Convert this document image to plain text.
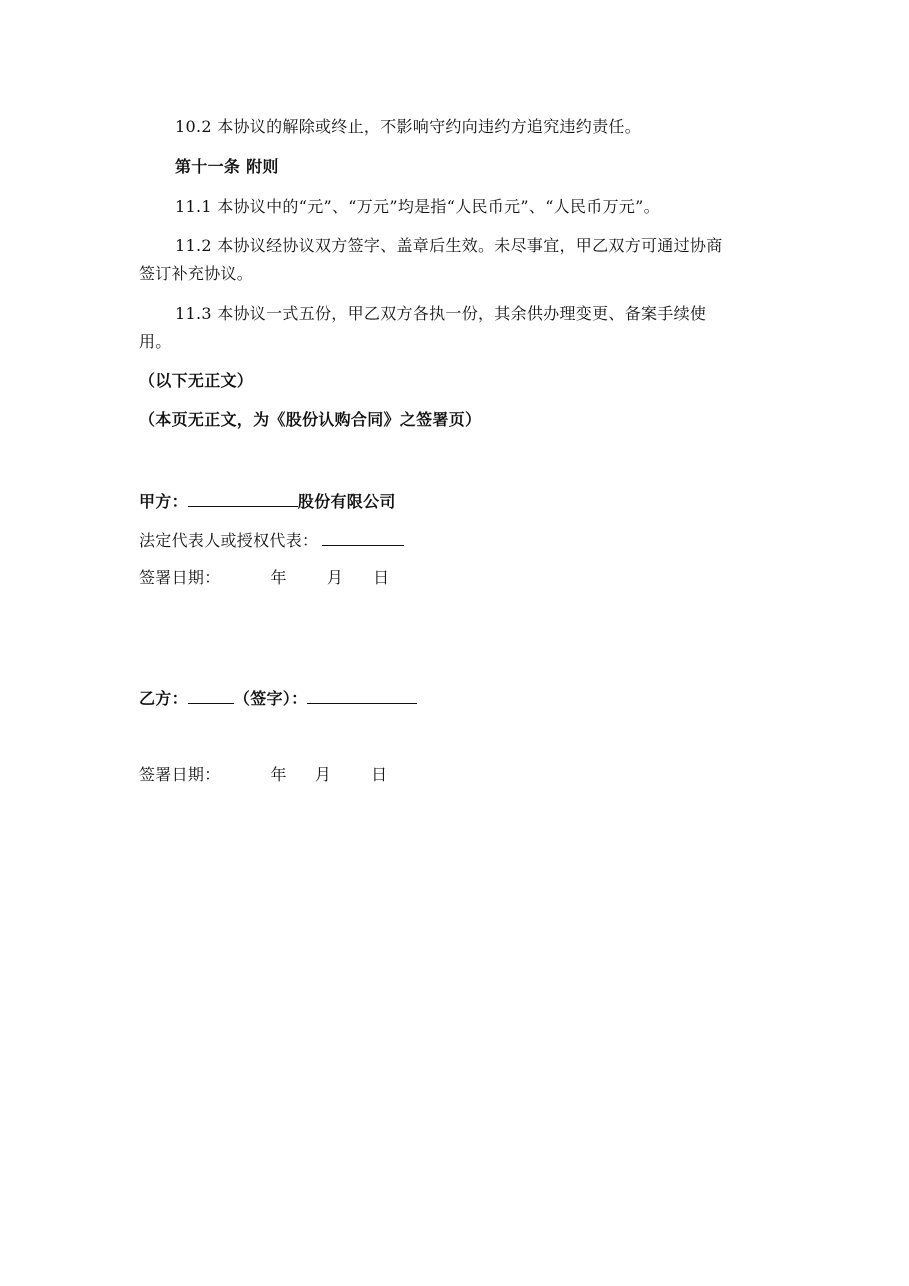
10.2 本协议的解除或终止，不影响守约向违约方追究违约责任。
第十一条 附则
11.1 本协议中的“元”、“万元”均是指“人民币元”、“人民币万元”。
11.2 本协议经协议双方签字、盖章后生效。未尽事宜，甲乙双方可通过协商
签订补充协议。
11.3 本协议一式五份，甲乙双方各执一份，其余供办理变更、备案手续使
用。
（以下无正文）
（本页无正文，为《股份认购合同》之签署页）
甲方：	股份有限公司
法定代表人或授权代表：
签署日期：	年	月 日
乙方：	（签字）：
签署日期：	年 月	日
